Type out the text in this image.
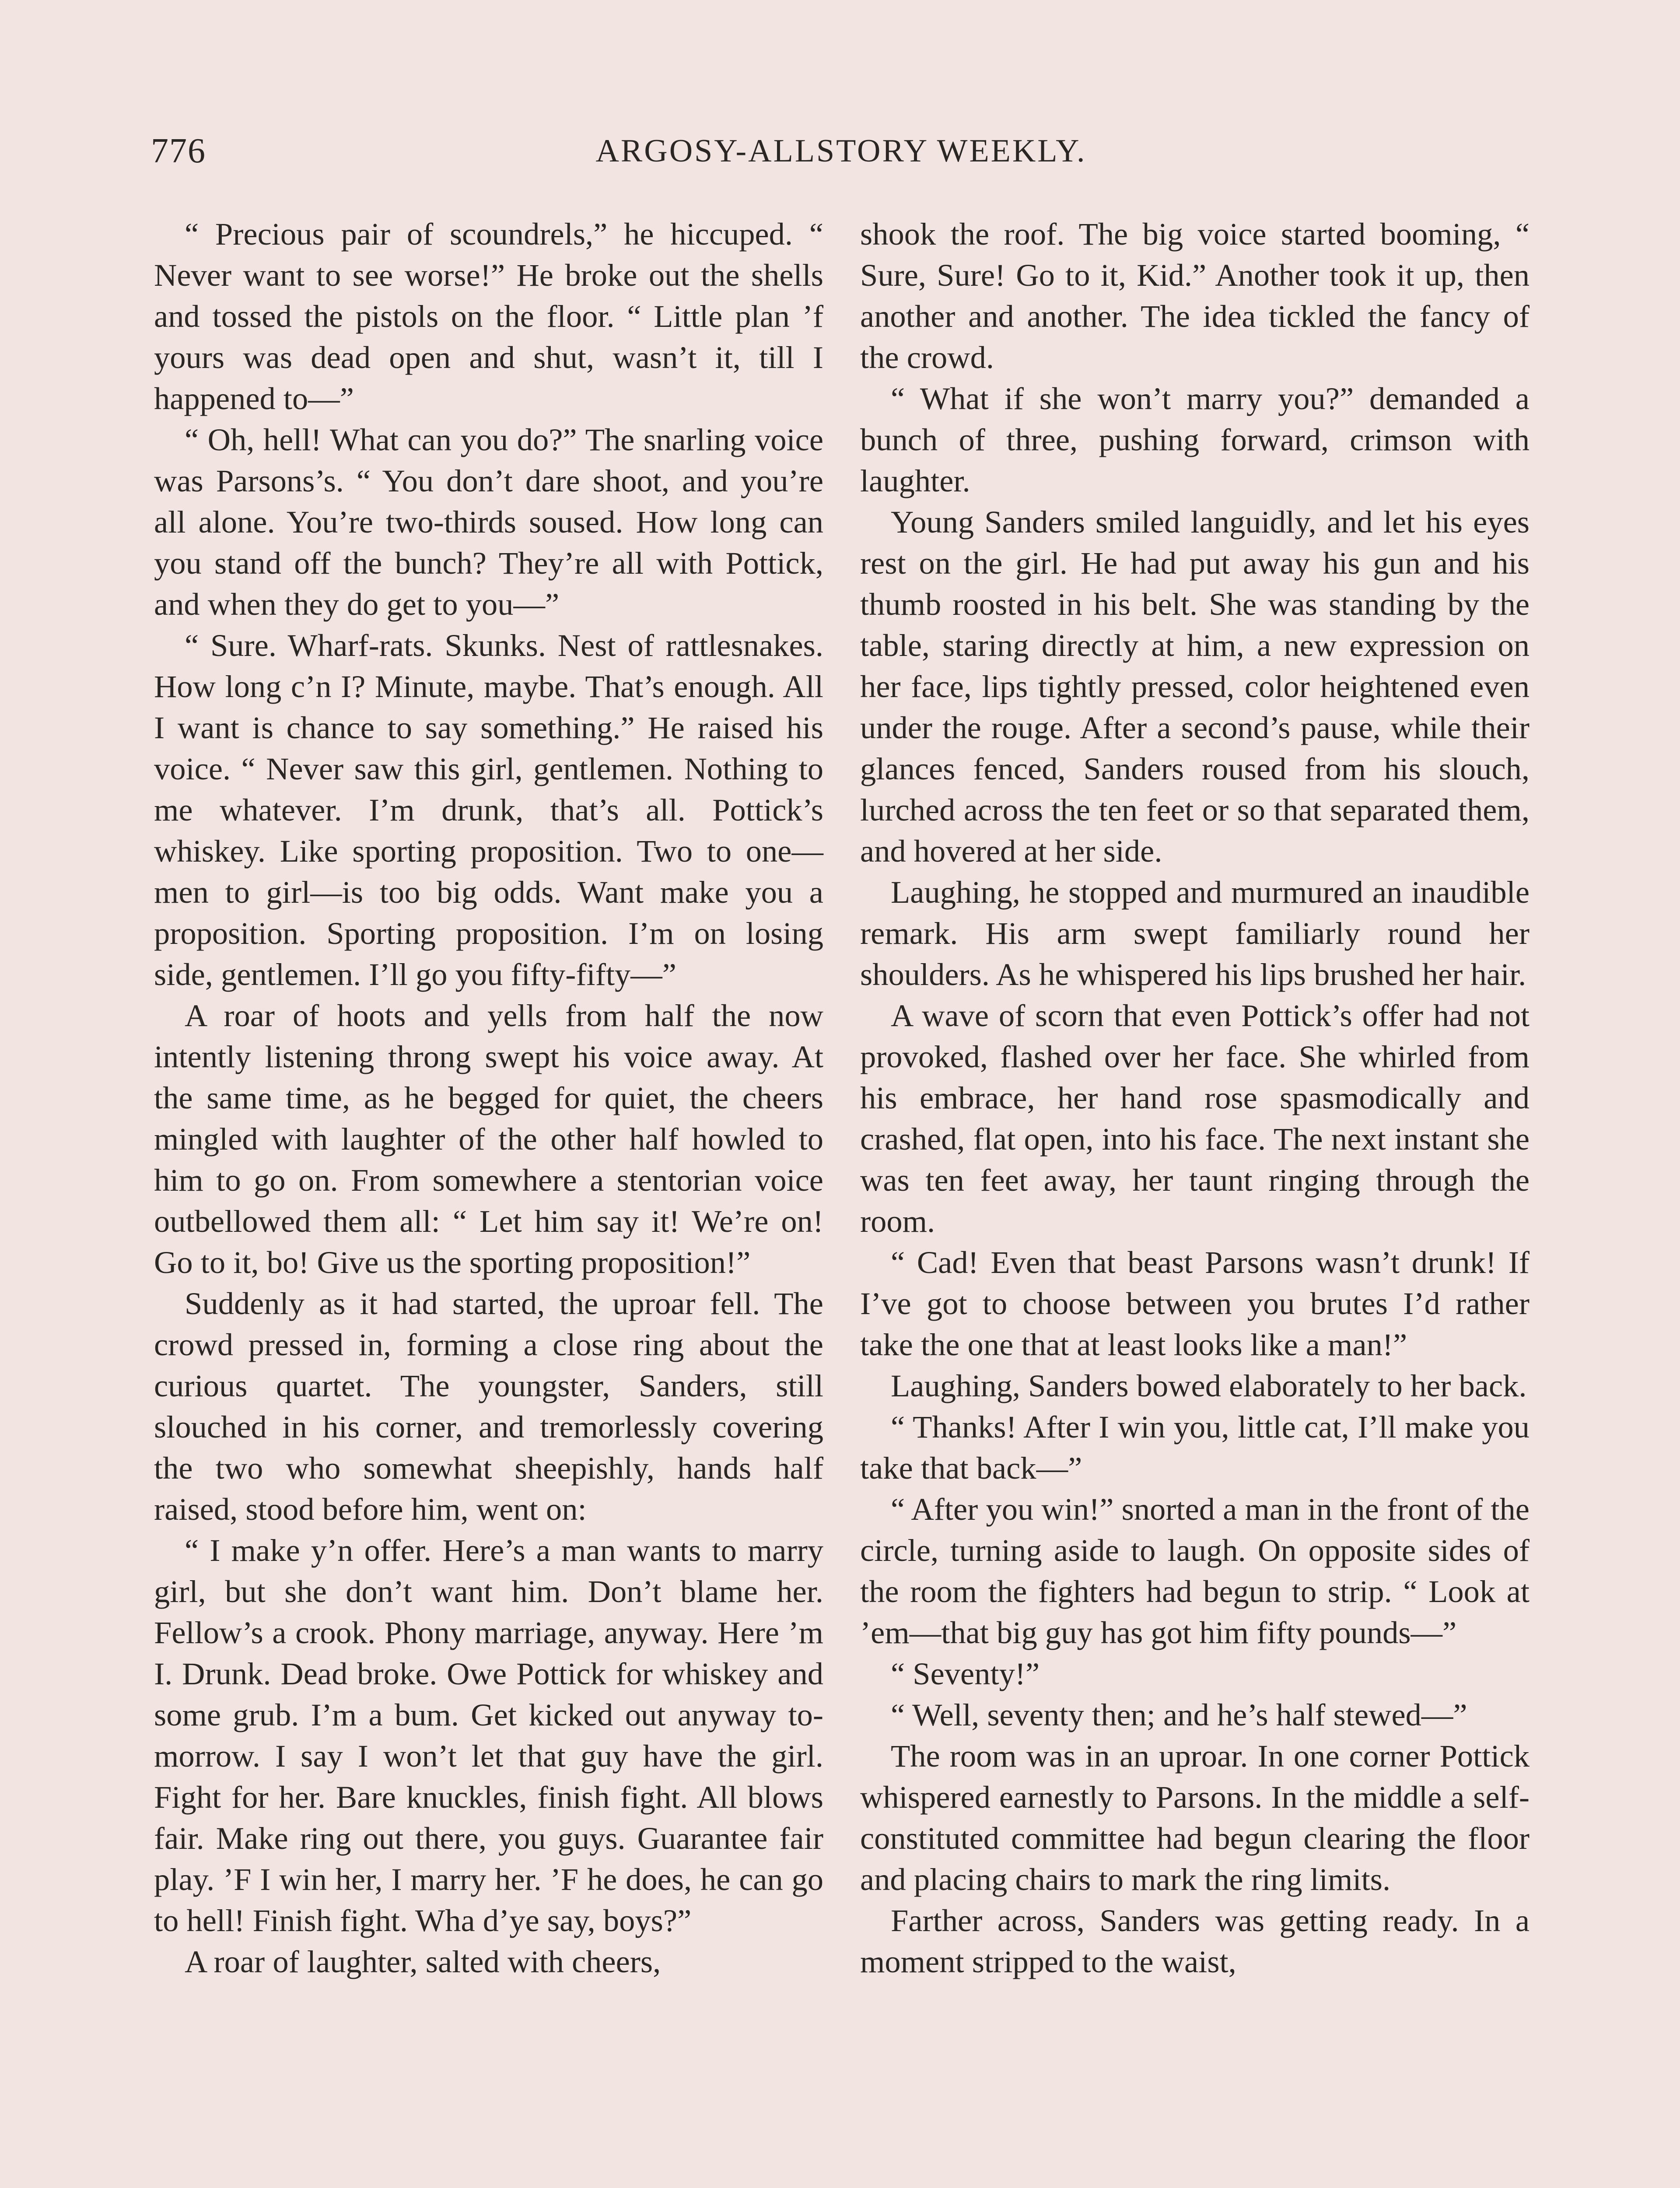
776	ARGOSY-ALLSTORY WEEKLY.

“ Precious pair of scoundrels,” he hiccuped. “ Never want to see worse!” He broke out the shells and tossed the pistols on the floor. “ Little plan ’f yours was dead open and shut, wasn’t it, till I happened to—”

“ Oh, hell! What can you do?” The snarling voice was Parsons’s. “ You don’t dare shoot, and you’re all alone. You’re two-thirds soused. How long can you stand off the bunch? They’re all with Pottick, and when they do get to you—”

“ Sure. Wharf-rats. Skunks. Nest of rattlesnakes. How long c’n I? Minute, maybe. That’s enough. All I want is chance to say something.” He raised his voice. “ Never saw this girl, gentlemen. Nothing to me whatever. I’m drunk, that’s all. Pottick’s whiskey. Like sporting proposition. Two to one—men to girl—is too big odds. Want make you a proposition. Sporting proposition. I’m on losing side, gentlemen. I’ll go you fifty-fifty—”

A roar of hoots and yells from half the now intently listening throng swept his voice away. At the same time, as he begged for quiet, the cheers mingled with laughter of the other half howled to him to go on. From somewhere a stentorian voice outbellowed them all: “ Let him say it! We’re on! Go to it, bo! Give us the sporting proposition!”

Suddenly as it had started, the uproar fell. The crowd pressed in, forming a close ring about the curious quartet. The youngster, Sanders, still slouched in his corner, and tremorlessly covering the two who somewhat sheepishly, hands half raised, stood before him, went on:

“ I make y’n offer. Here’s a man wants to marry girl, but she don’t want him. Don’t blame her. Fellow’s a crook. Phony marriage, anyway. Here ’m I. Drunk. Dead broke. Owe Pottick for whiskey and some grub. I’m a bum. Get kicked out anyway to-morrow. I say I won’t let that guy have the girl. Fight for her. Bare knuckles, finish fight. All blows fair. Make ring out there, you guys. Guarantee fair play. ’F I win her, I marry her. ’F he does, he can go to hell! Finish fight. Wha d’ye say, boys?”

A roar of laughter, salted with cheers,

shook the roof. The big voice started booming, “ Sure, Sure! Go to it, Kid.” Another took it up, then another and another. The idea tickled the fancy of the crowd.

“ What if she won’t marry you?” demanded a bunch of three, pushing forward, crimson with laughter.

Young Sanders smiled languidly, and let his eyes rest on the girl. He had put away his gun and his thumb roosted in his belt. She was standing by the table, staring directly at him, a new expression on her face, lips tightly pressed, color heightened even under the rouge. After a second’s pause, while their glances fenced, Sanders roused from his slouch, lurched across the ten feet or so that separated them, and hovered at her side.

Laughing, he stopped and murmured an inaudible remark. His arm swept familiarly round her shoulders. As he whispered his lips brushed her hair.

A wave of scorn that even Pottick’s offer had not provoked, flashed over her face. She whirled from his embrace, her hand rose spasmodically and crashed, flat open, into his face. The next instant she was ten feet away, her taunt ringing through the room.

“ Cad! Even that beast Parsons wasn’t drunk! If I’ve got to choose between you brutes I’d rather take the one that at least looks like a man!”

Laughing, Sanders bowed elaborately to her back.

“ Thanks! After I win you, little cat, I’ll make you take that back—”

“ After you win!” snorted a man in the front of the circle, turning aside to laugh. On opposite sides of the room the fighters had begun to strip. “ Look at ’em—that big guy has got him fifty pounds—”

“ Seventy!”

“ Well, seventy then; and he’s half stewed—”

The room was in an uproar. In one corner Pottick whispered earnestly to Parsons. In the middle a self-constituted committee had begun clearing the floor and placing chairs to mark the ring limits.

Farther across, Sanders was getting ready. In a moment stripped to the waist,
